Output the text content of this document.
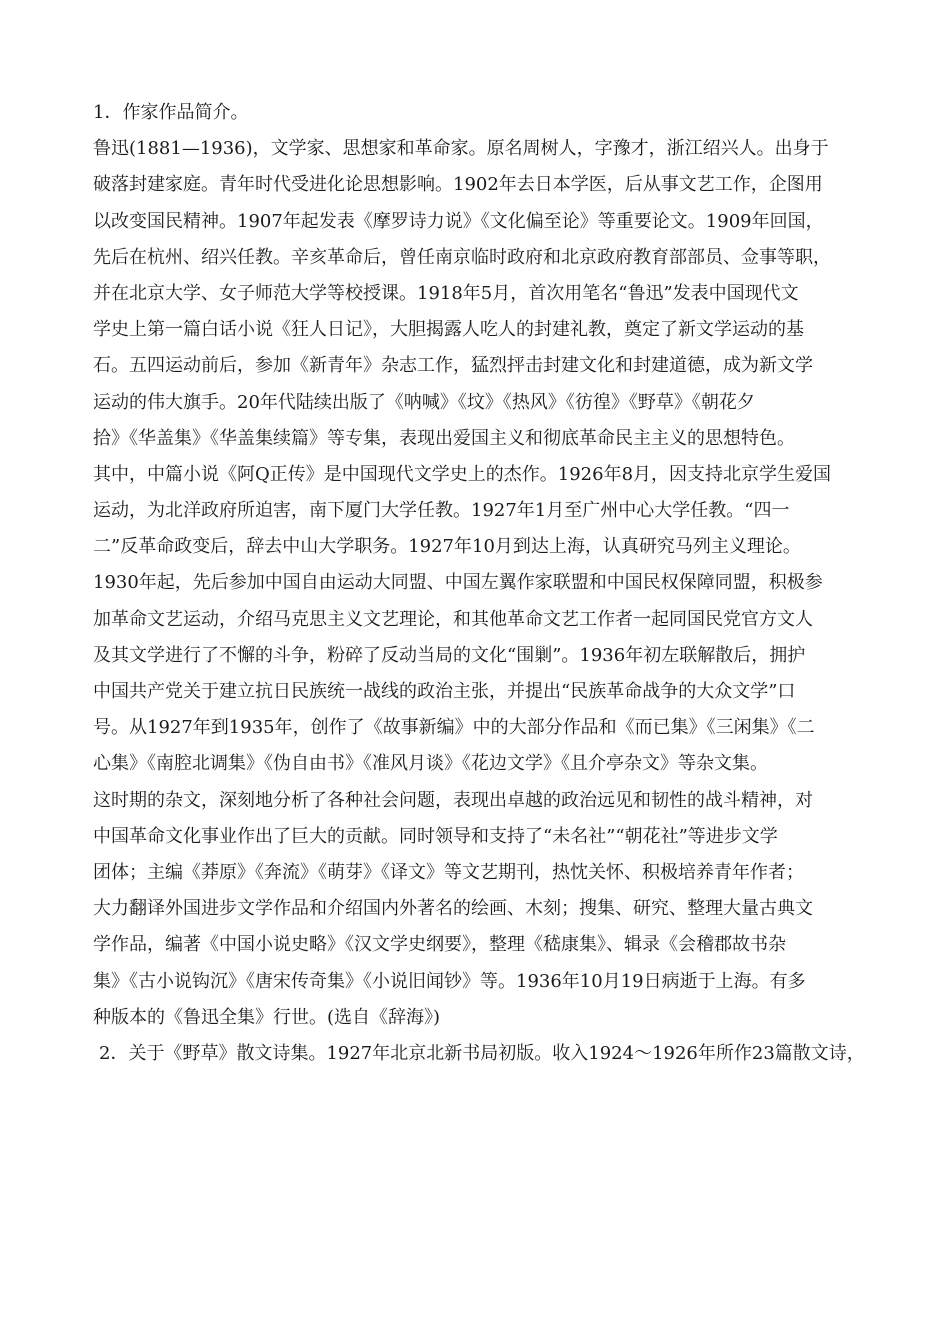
1．作家作品简介。
鲁迅(1881—1936)，文学家、思想家和革命家。原名周树人，字豫才，浙江绍兴人。出身于
破落封建家庭。青年时代受进化论思想影响。1902年去日本学医，后从事文艺工作，企图用
以改变国民精神。1907年起发表《摩罗诗力说》《文化偏至论》等重要论文。1909年回国，
先后在杭州、绍兴任教。辛亥革命后，曾任南京临时政府和北京政府教育部部员、佥事等职，
并在北京大学、女子师范大学等校授课。1918年5月，首次用笔名“鲁迅”发表中国现代文
学史上第一篇白话小说《狂人日记》，大胆揭露人吃人的封建礼教，奠定了新文学运动的基
石。五四运动前后，参加《新青年》杂志工作，猛烈抨击封建文化和封建道德，成为新文学
运动的伟大旗手。20年代陆续出版了《呐喊》《坟》《热风》《彷徨》《野草》《朝花夕
拾》《华盖集》《华盖集续篇》等专集，表现出爱国主义和彻底革命民主主义的思想特色。
其中，中篇小说《阿Q正传》是中国现代文学史上的杰作。1926年8月，因支持北京学生爱国
运动，为北洋政府所迫害，南下厦门大学任教。1927年1月至广州中心大学任教。“四一
二”反革命政变后，辞去中山大学职务。1927年10月到达上海，认真研究马列主义理论。
1930年起，先后参加中国自由运动大同盟、中国左翼作家联盟和中国民权保障同盟，积极参
加革命文艺运动，介绍马克思主义文艺理论，和其他革命文艺工作者一起同国民党官方文人
及其文学进行了不懈的斗争，粉碎了反动当局的文化“围剿”。1936年初左联解散后，拥护
中国共产党关于建立抗日民族统一战线的政治主张，并提出“民族革命战争的大众文学”口
号。从1927年到1935年，创作了《故事新编》中的大部分作品和《而已集》《三闲集》《二
心集》《南腔北调集》《伪自由书》《准风月谈》《花边文学》《且介亭杂文》等杂文集。
这时期的杂文，深刻地分析了各种社会问题，表现出卓越的政治远见和韧性的战斗精神，对
中国革命文化事业作出了巨大的贡献。同时领导和支持了“未名社”“朝花社”等进步文学
团体；主编《莽原》《奔流》《萌芽》《译文》等文艺期刊，热忱关怀、积极培养青年作者；
大力翻译外国进步文学作品和介绍国内外著名的绘画、木刻；搜集、研究、整理大量古典文
学作品，编著《中国小说史略》《汉文学史纲要》，整理《嵇康集》、辑录《会稽郡故书杂
集》《古小说钩沉》《唐宋传奇集》《小说旧闻钞》等。1936年10月19日病逝于上海。有多
种版本的《鲁迅全集》行世。(选自《辞海》)
2．关于《野草》散文诗集。1927年北京北新书局初版。收入1924～1926年所作23篇散文诗，
